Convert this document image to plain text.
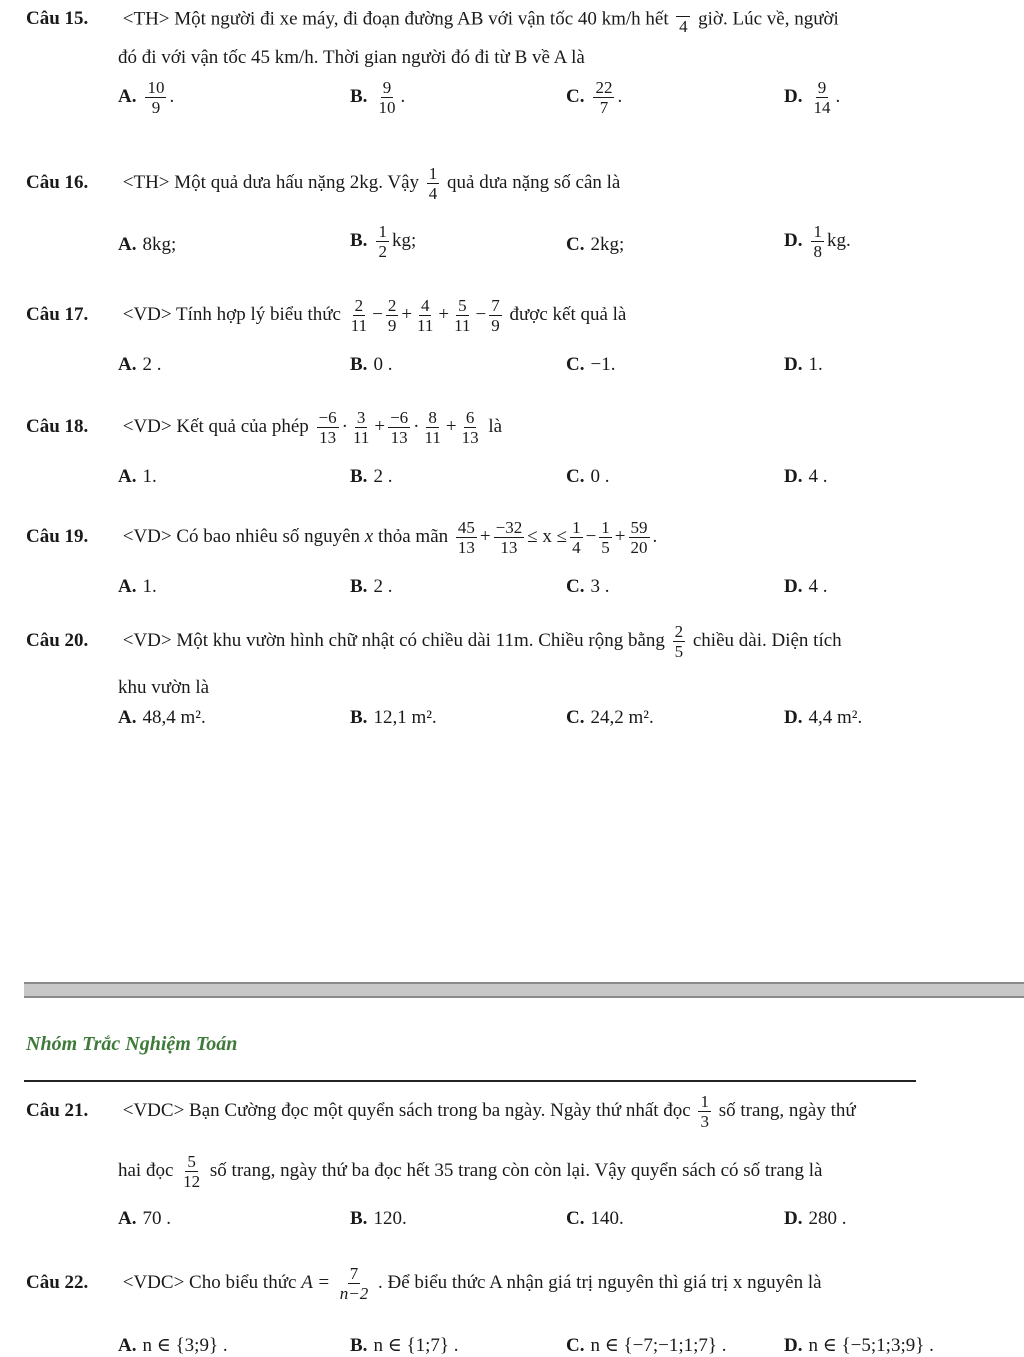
Câu 15. <TH> Một người đi xe máy, đi đoạn đường AB với vận tốc 40 km/h hết 4 giờ. Lúc về, người
đó đi với vận tốc 45 km/h. Thời gian người đó đi từ B về A là
A. $\frac{10}{9}$ .	B. $\frac{9}{10}$ .	C. $\frac{22}{7}$ .	D. $\frac{9}{14}$ .
Câu 16. <TH> Một quả dưa hấu nặng 2kg. Vậy $\frac{1}{4}$ quả dưa nặng số cân là
A. 8kg;	B. $\frac{1}{2}$ kg;	C. 2kg;	D. $\frac{1}{8}$ kg.
Câu 17. <VD> Tính hợp lý biểu thức $\frac{2}{11} - \frac{2}{9} + \frac{4}{11} + \frac{5}{11} - \frac{7}{9}$ được kết quả là
A. 2 .	B. 0 .	C. −1.	D. 1.
Câu 18. <VD> Kết quả của phép $\frac{-6}{13} \cdot \frac{3}{11} + \frac{-6}{13} \cdot \frac{8}{11} + \frac{6}{13}$ là
A. 1.	B. 2 .	C. 0 .	D. 4 .
Câu 19. <VD> Có bao nhiêu số nguyên x thỏa mãn $\frac{45}{13} + \frac{-32}{13} \le x \le \frac{1}{4} - \frac{1}{5} + \frac{59}{20}$ .
A. 1.	B. 2 .	C. 3 .	D. 4 .
Câu 20. <VD> Một khu vườn hình chữ nhật có chiều dài 11m. Chiều rộng bằng $\frac{2}{5}$ chiều dài. Diện tích
khu vườn là
A. 48,4 m².	B. 12,1 m².	C. 24,2 m².	D. 4,4 m².
Nhóm Trắc Nghiệm Toán
Câu 21. <VDC> Bạn Cường đọc một quyển sách trong ba ngày. Ngày thứ nhất đọc $\frac{1}{3}$ số trang, ngày thứ
hai đọc $\frac{5}{12}$ số trang, ngày thứ ba đọc hết 35 trang còn còn lại. Vậy quyển sách có số trang là
A. 70 .	B. 120.	C. 140.	D. 280 .
Câu 22. <VDC> Cho biểu thức $A = \frac{7}{n-2}$ . Để biểu thức A nhận giá trị nguyên thì giá trị x nguyên là
A. n ∈ {3;9} .	B. n ∈ {1;7} .	C. n ∈ {−7;−1;1;7} .	D. n ∈ {−5;1;3;9} .
